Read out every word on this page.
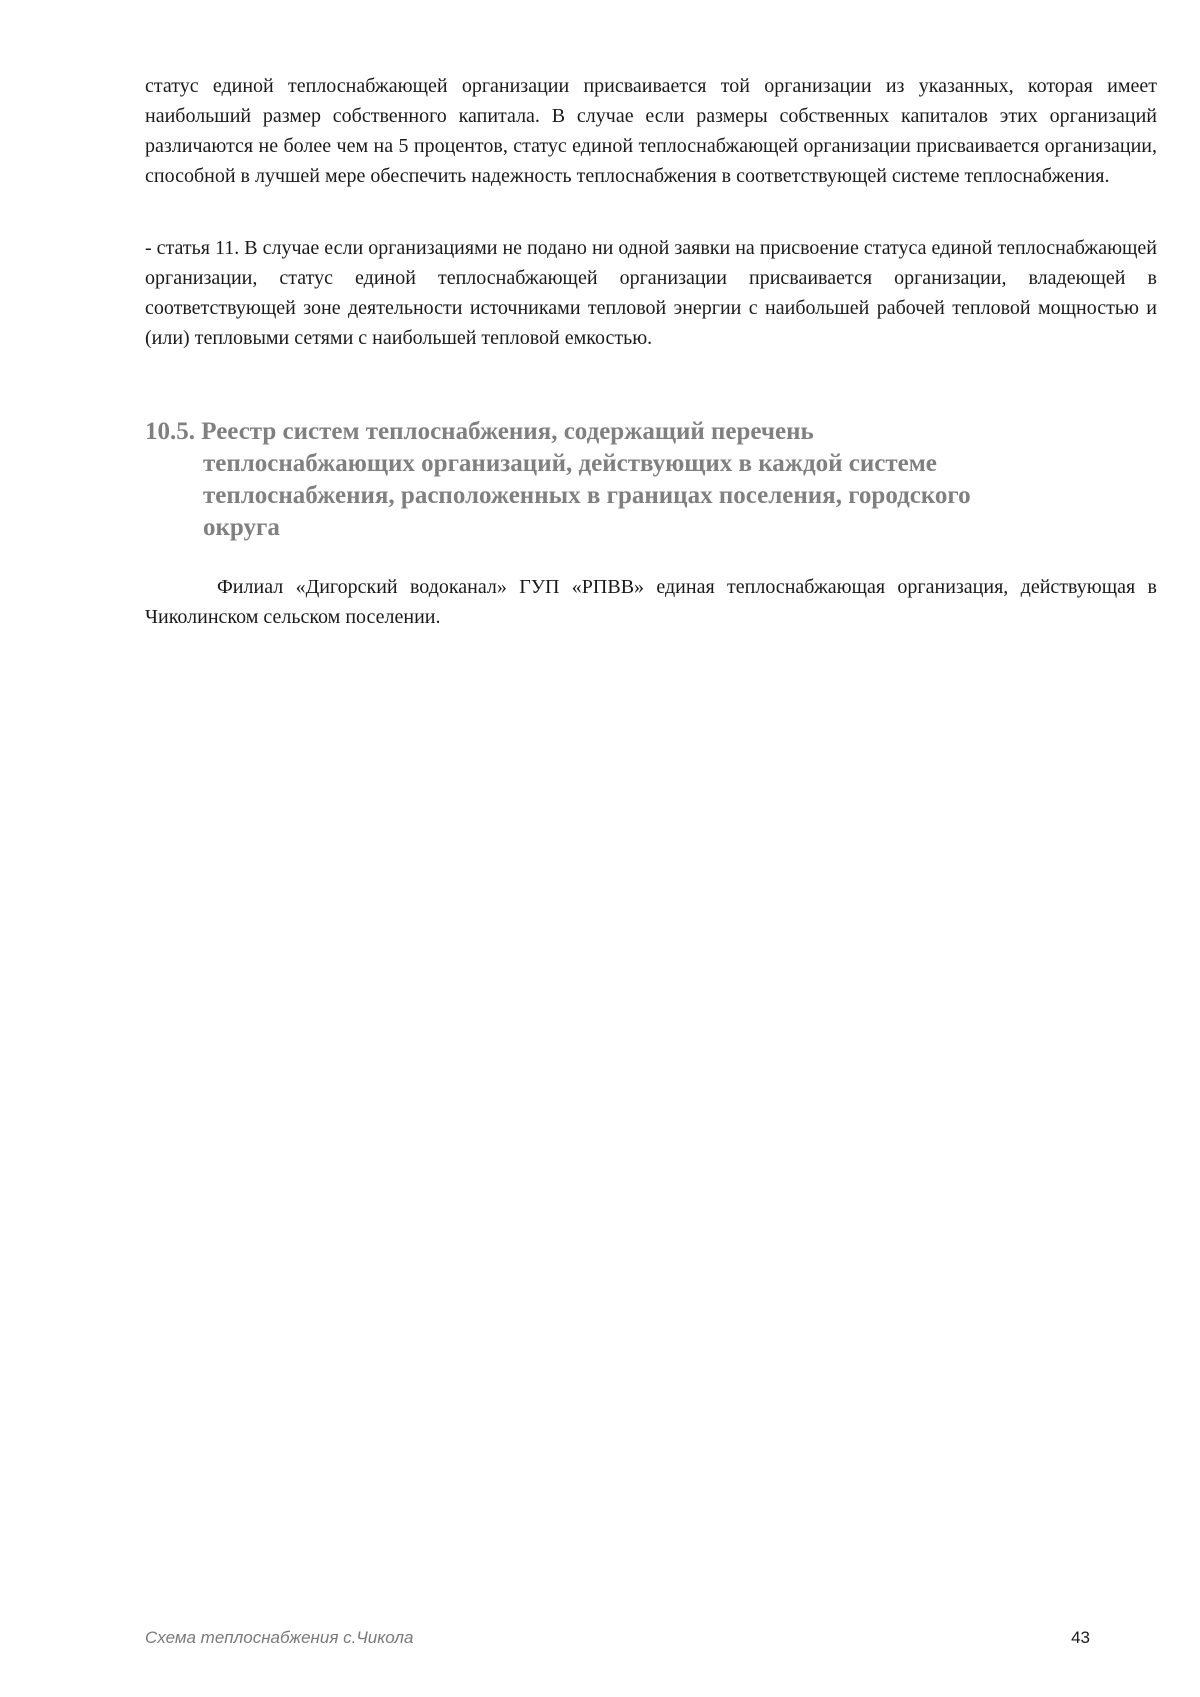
статус единой теплоснабжающей организации присваивается той организации из указанных, которая имеет наибольший размер собственного капитала. В случае если размеры собственных капиталов этих организаций различаются не более чем на 5 процентов, статус единой теплоснабжающей организации присваивается организации, способной в лучшей мере обеспечить надежность теплоснабжения в соответствующей системе теплоснабжения.

- статья 11. В случае если организациями не подано ни одной заявки на присвоение статуса единой теплоснабжающей организации, статус единой теплоснабжающей организации присваивается организации, владеющей в соответствующей зоне деятельности источниками тепловой энергии с наибольшей рабочей тепловой мощностью и (или) тепловыми сетями с наибольшей тепловой емкостью.

10.5. Реестр систем теплоснабжения, содержащий перечень
теплоснабжающих организаций, действующих в каждой системе
теплоснабжения, расположенных в границах поселения, городского
округа

Филиал «Дигорский водоканал» ГУП «РПВВ» единая теплоснабжающая организация, действующая в Чиколинском сельском поселении.

Схема теплоснабжения с.Чикола	43
